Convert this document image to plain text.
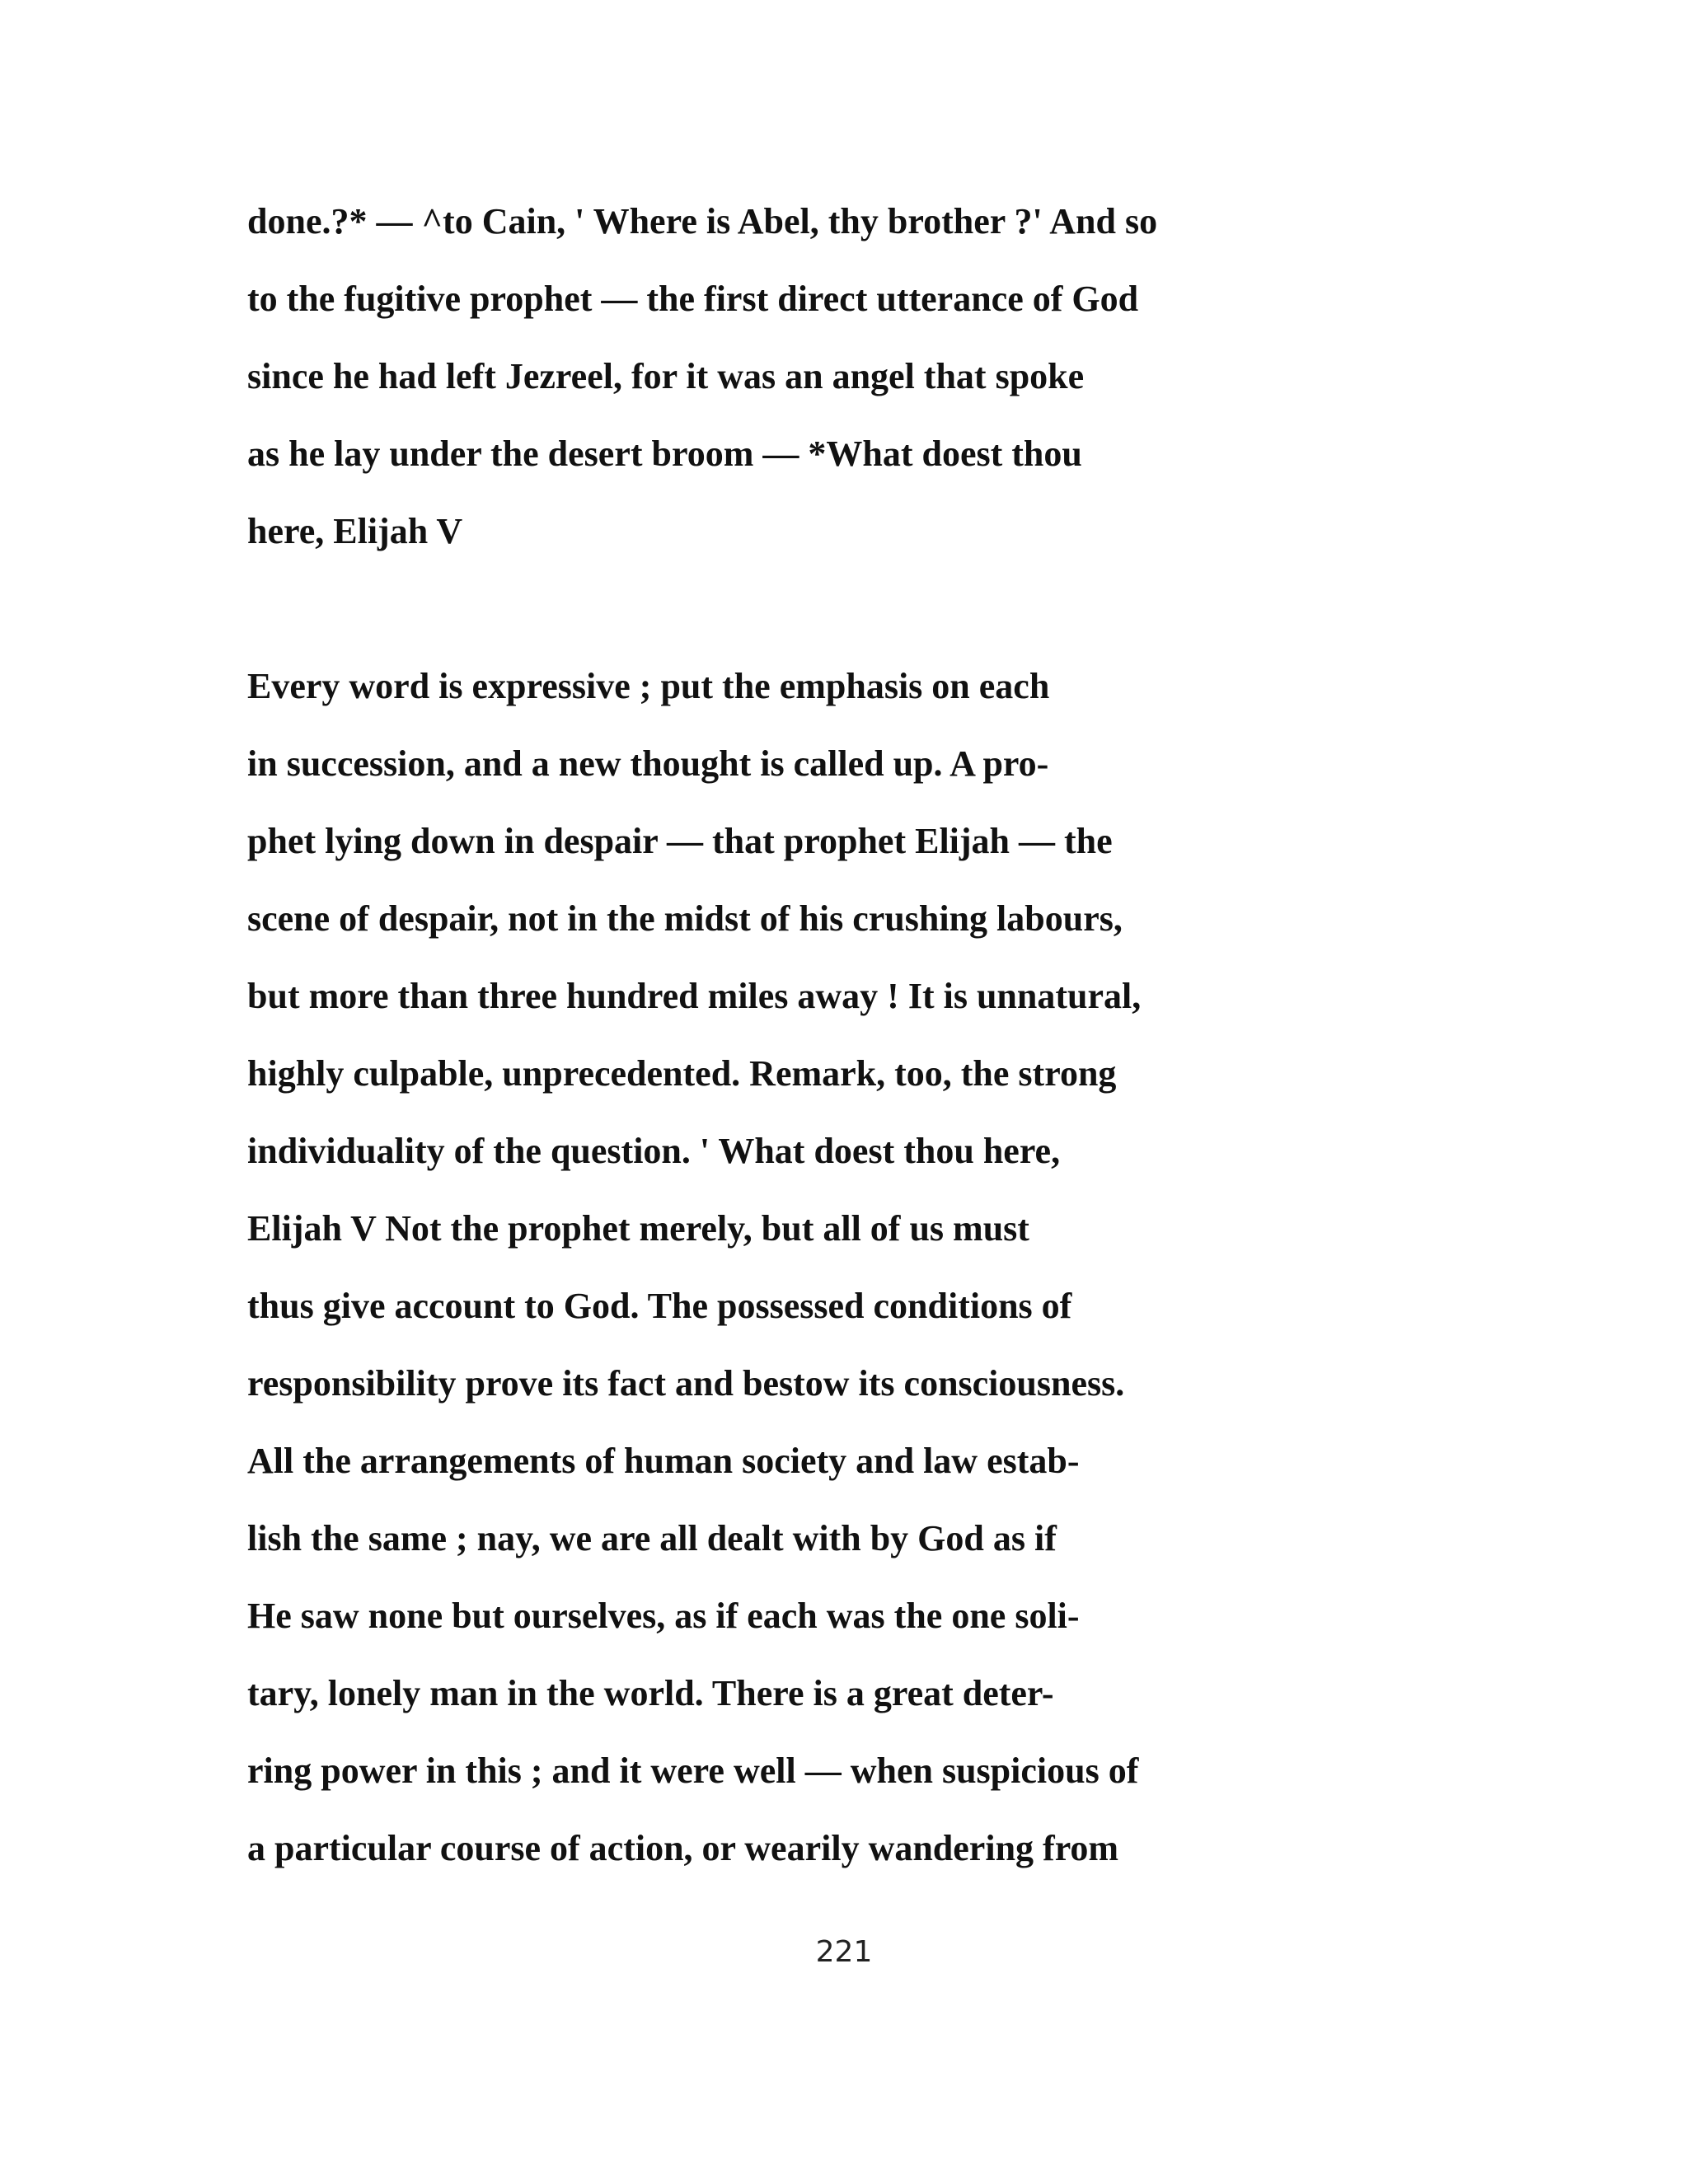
done.?* — ^to Cain, ' Where is Abel, thy brother ?' And so
to the fugitive prophet — the first direct utterance of God
since he had left Jezreel, for it was an angel that spoke
as he lay under the desert broom — *What doest thou
here, Elijah V
Every word is expressive ; put the emphasis on each
in succession, and a new thought is called up. A pro-
phet lying down in despair — that prophet Elijah — the
scene of despair, not in the midst of his crushing labours,
but more than three hundred miles away ! It is unnatural,
highly culpable, unprecedented. Remark, too, the strong
individuality of the question. ' What doest thou here,
Elijah V Not the prophet merely, but all of us must
thus give account to God. The possessed conditions of
responsibility prove its fact and bestow its consciousness.
All the arrangements of human society and law estab-
lish the same ; nay, we are all dealt with by God as if
He saw none but ourselves, as if each was the one soli-
tary, lonely man in the world. There is a great deter-
ring power in this ; and it were well — when suspicious of
a particular course of action, or wearily wandering from
221
